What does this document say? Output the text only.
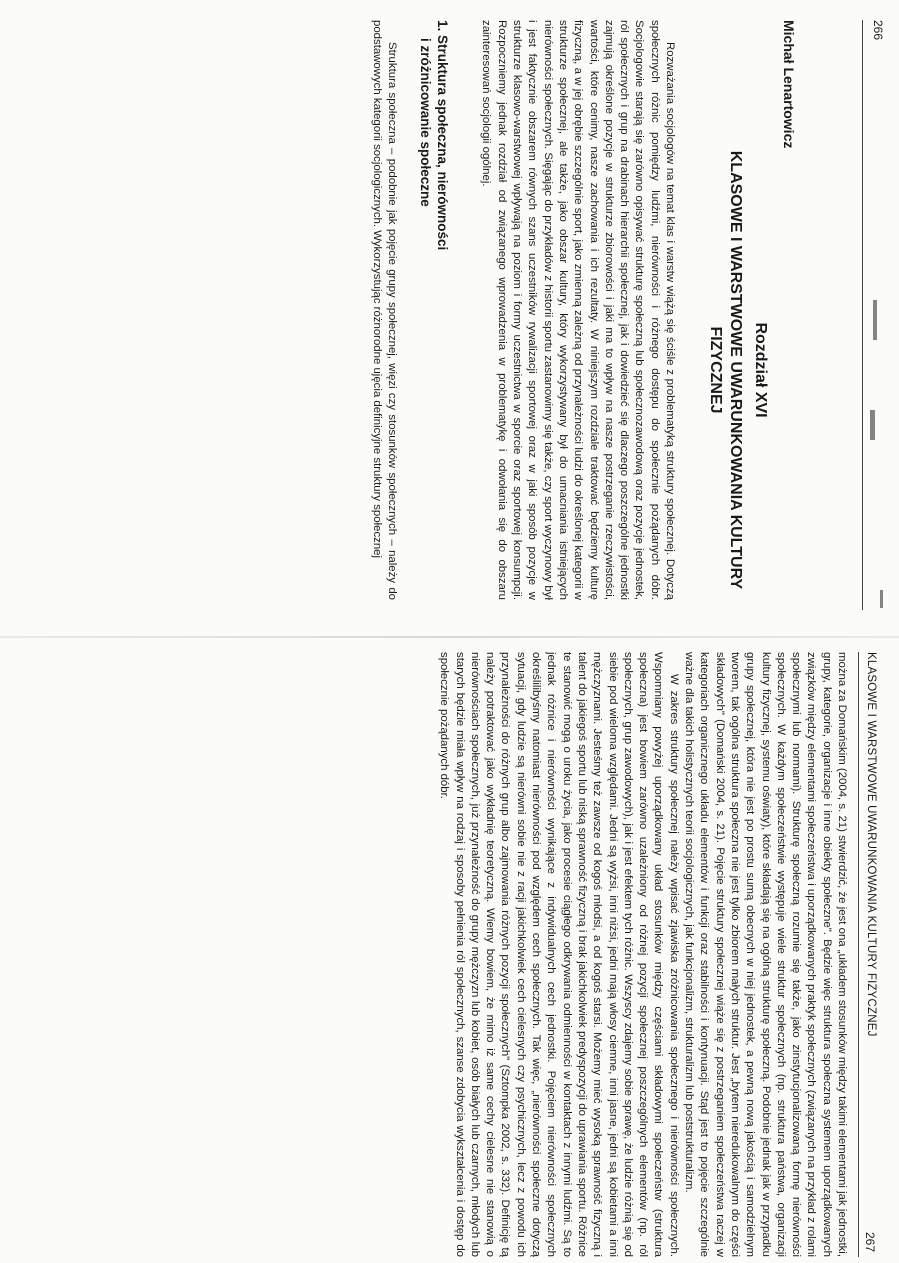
266
Michał Lenartowicz
Rozdział XVI
KLASOWE I WARSTWOWE UWARUNKOWANIA KULTURY FIZYCZNEJ

Rozważania socjologów na temat klas i warstw wiążą się ściśle z problematyką struktury społecznej. Dotyczą społecznych różnic pomiędzy ludźmi, nierówności i różnego dostępu do społecznie pożądanych dóbr. Socjologowie starają się zarówno opisywać strukturę społeczną lub społecznozawodową oraz pozycje jednostek, ról społecznych i grup na drabinach hierarchii społecznej, jak i dowiedzieć się dlaczego poszczególne jednostki zajmują określone pozycje w strukturze zbiorowości i jaki ma to wpływ na nasze postrzeganie rzeczywistości, wartości, które cenimy, nasze zachowania i ich rezultaty. W niniejszym rozdziale traktować będziemy kulturę fizyczną, a w jej obrębie szczególnie sport, jako zmienną zależną od przynależności ludzi do określonej kategorii w strukturze społecznej, ale także, jako obszar kultury, który wykorzystywany był do umacniania istniejących nierówności społecznych. Sięgając do przykładów z historii sportu zastanowimy się także, czy sport wyczynowy był i jest faktycznie obszarem równych szans uczestników rywalizacji sportowej oraz w jaki sposób pozycje w strukturze klasowo-warstwowej wpływają na poziom i formy uczestnictwa w sporcie oraz sportowej konsumpcji. Rozpoczniemy jednak rozdział od związanego wprowadzenia w problematykę i odwołania się do obszaru zainteresowań socjologii ogólnej.

1. Struktura społeczna, nierówności
i zróżnicowanie społeczne

Struktura społeczna – podobnie jak pojęcie grupy społecznej, więzi czy stosunków społecznych – należy do podstawowych kategorii socjologicznych. Wykorzystując różnorodne ujęcia definicyjne struktury społecznej

KLASOWE I WARSTWOWE UWARUNKOWANIA KULTURY FIZYCZNEJ
267

można za Domańskim (2004, s. 21) stwierdzić, że jest ona „układem stosunków między takimi elementami jak jednostki, grupy, kategorie, organizacje i inne obiekty społeczne". Będzie więc struktura społeczna systemem uporządkowanych związków między elementami społeczeństwa i uporządkowanych praktyk społecznych (związanych na przykład z rolami społecznymi lub normami). Strukturę społeczną rozumie się także, jako zinstytucjonalizowaną formę nierówności społecznych. W każdym społeczeństwie występuje wiele struktur społecznych (np. struktura państwa, organizacji kultury fizycznej, systemu oświaty), które składają się na ogólną strukturę społeczną. Podobnie jednak jak w przypadku grupy społecznej, która nie jest po prostu sumą obecnych w niej jednostek, a pewną nową jakością i samodzielnym tworem, tak ogólna struktura społeczna nie jest tylko zbiorem małych struktur. Jest „bytem nieredukowalnym do części składowych" (Domański 2004, s. 21). Pojęcie struktury społecznej wiąże się z postrzeganiem społeczeństwa raczej w kategoriach organicznego układu elementów i funkcji oraz stabilności i kontynuacji. Stąd jest to pojęcie szczególnie ważne dla takich holistycznych teorii socjologicznych, jak funkcjonalizm, strukturalizm lub poststrukturalizm.

W zakres struktury społecznej należy wpisać zjawiska zróżnicowania społecznego i nierówności społecznych. Wspomniany powyżej uporządkowany układ stosunków między częściami składowymi społeczeństw (struktura społeczna) jest bowiem zarówno uzależniony od różnej pozycji społecznej poszczególnych elementów (np. ról społecznych, grup zawodowych), jak i jest efektem tych różnic. Wszyscy zdajemy sobie sprawę, że ludzie różnią się od siebie pod wieloma względami. Jedni są wyżsi, inni niżsi, jedni mają włosy ciemne, inni jasne, jedni są kobietami a inni mężczyznami. Jesteśmy też zawsze od kogoś młodsi, a od kogoś starsi. Możemy mieć wysoką sprawność fizyczną i talent do jakiegoś sportu lub niską sprawność fizyczną i brak jakichkolwiek predyspozycji do uprawiania sportu. Różnice te stanowić mogą o uroku życia, jako procesie ciągłego odkrywania odmienności w kontaktach z innymi ludźmi. Są to jednak różnice i nierówności wynikające z indywidualnych cech jednostki. Pojęciem nierówności społecznych określilibyśmy natomiast nierówności pod względem cech społecznych. Tak więc, „nierówności społeczne dotyczą sytuacji, gdy ludzie są nierówni sobie nie z racji jakichkolwiek cech cielesnych czy psychicznych, lecz z powodu ich przynależności do różnych grup albo zajmowania różnych pozycji społecznych" (Sztompka 2002, s. 332). Definicję tą należy potraktować jako wykładnię teoretyczną. Wiemy bowiem, że mimo iż same cechy cielesne nie stanowią o nierównościach społecznych, już przynależność do grupy mężczyzn lub kobiet, osób białych lub czarnych, młodych lub starych będzie miała wpływ na rodzaj i sposoby pełnienia ról społecznych, szanse zdobycia wykształcenia i dostęp do społecznie pożądanych dóbr.
